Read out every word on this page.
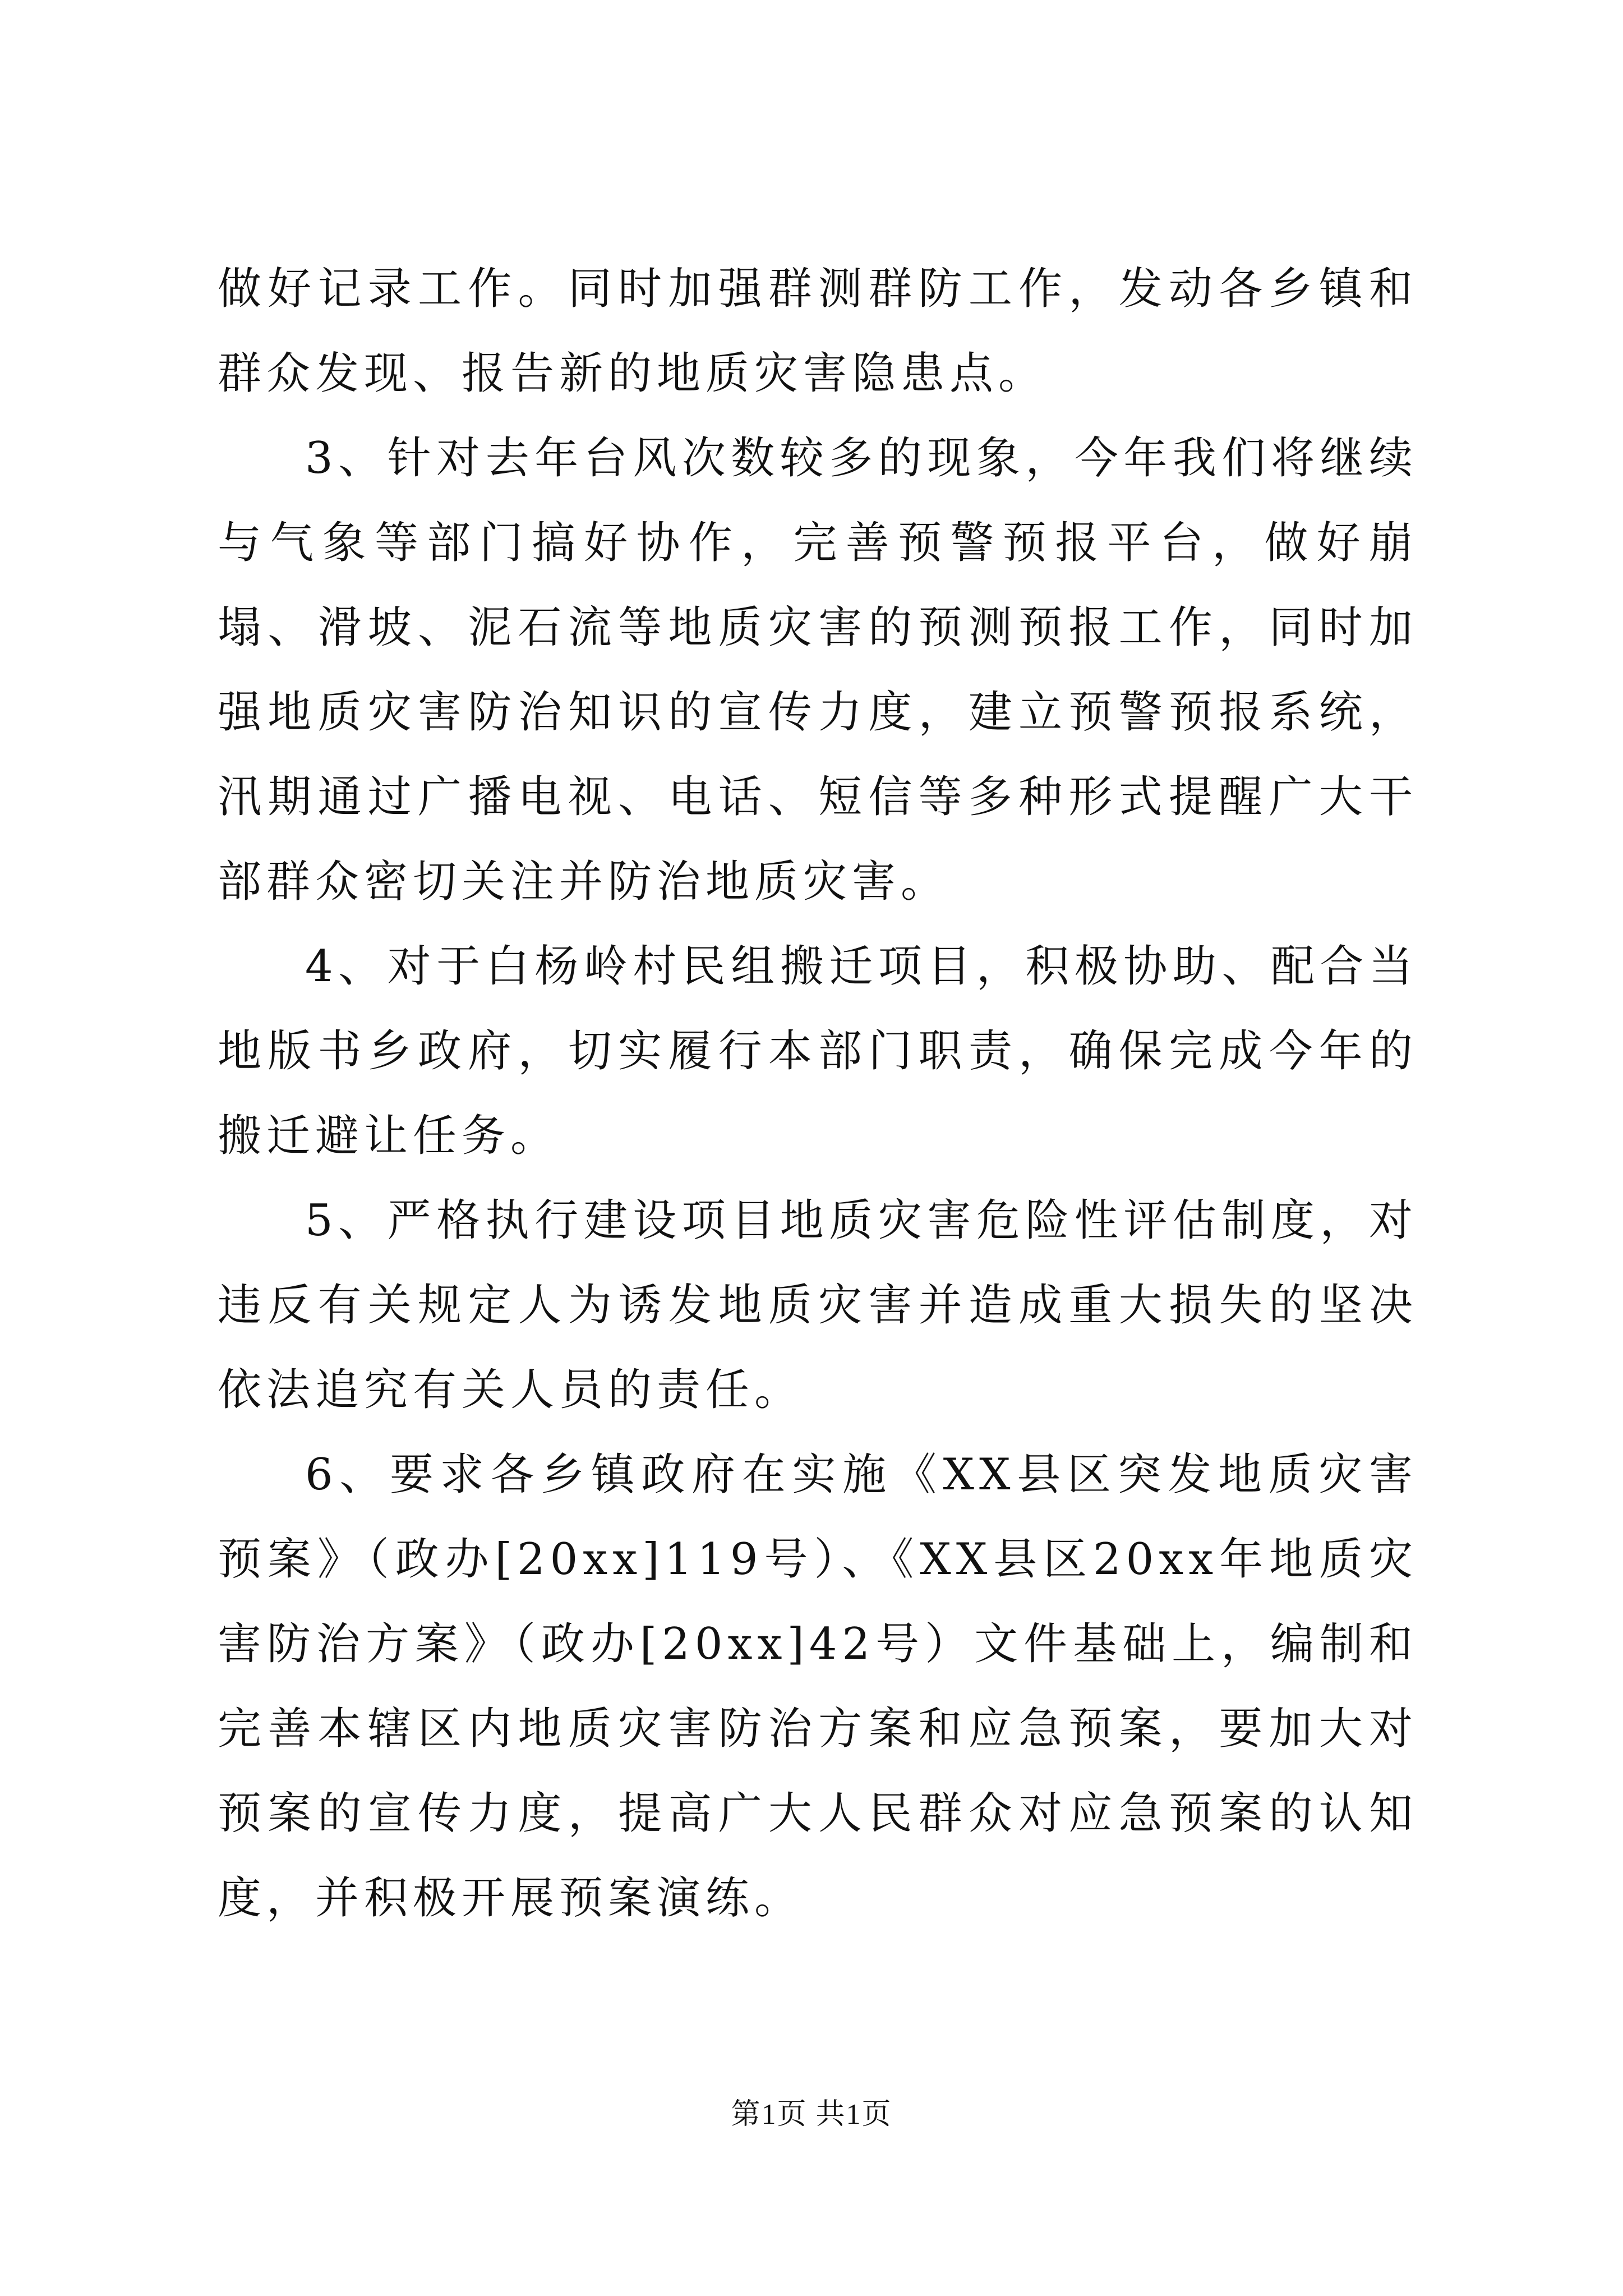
做好记录工作。同时加强群测群防工作，发动各乡镇和群众发现、报告新的地质灾害隐患点。

3、针对去年台风次数较多的现象，今年我们将继续与气象等部门搞好协作，完善预警预报平台，做好崩塌、滑坡、泥石流等地质灾害的预测预报工作，同时加强地质灾害防治知识的宣传力度，建立预警预报系统，汛期通过广播电视、电话、短信等多种形式提醒广大干部群众密切关注并防治地质灾害。

4、对于白杨岭村民组搬迁项目，积极协助、配合当地版书乡政府，切实履行本部门职责，确保完成今年的搬迁避让任务。

5、严格执行建设项目地质灾害危险性评估制度，对违反有关规定人为诱发地质灾害并造成重大损失的坚决依法追究有关人员的责任。

6、要求各乡镇政府在实施《XX县区突发地质灾害预案》（政办[20xx]119号）、《XX县区20xx年地质灾害防治方案》（政办[20xx]42号）文件基础上，编制和完善本辖区内地质灾害防治方案和应急预案，要加大对预案的宣传力度，提高广大人民群众对应急预案的认知度，并积极开展预案演练。

第1页 共1页
